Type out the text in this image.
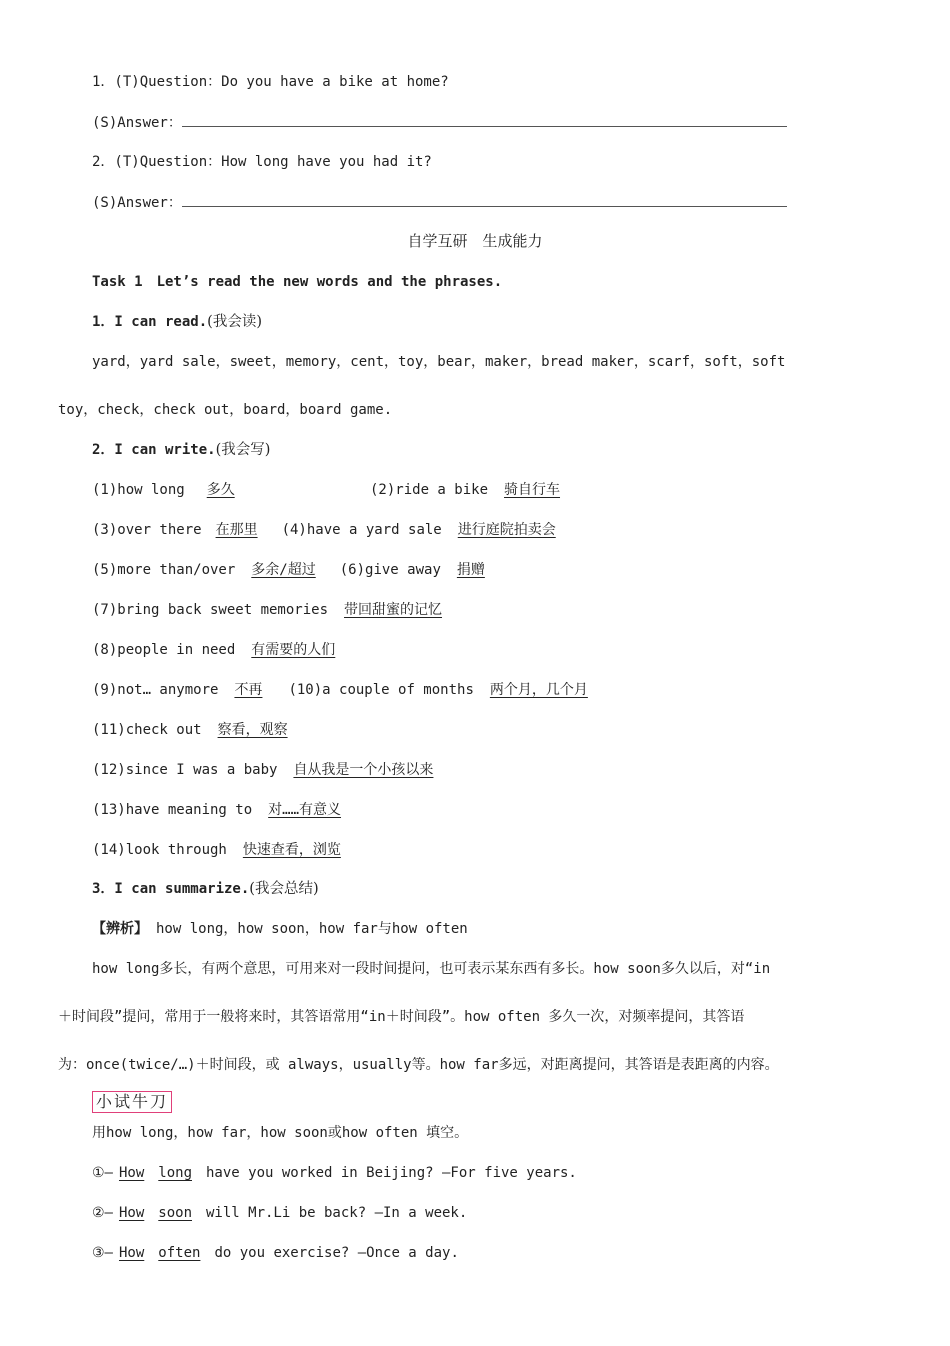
1．(T)Question：Do you have a bike at home?
(S)Answer：
2．(T)Question：How long have you had it?
(S)Answer：
自学互研　生成能力
Task 1　Let’s read the new words and the phrases.
1．I can read.(我会读)
yard，yard sale，sweet，memory，cent，toy，bear，maker，bread maker，scarf，soft，soft
toy，check，check out，board，board game.
2．I can write.(我会写)
(1)how long 多久	(2)ride a bike 骑自行车
(3)over there 在那里 (4)have a yard sale 进行庭院拍卖会
(5)more than/over 多余/超过 (6)give away 捐赠
(7)bring back sweet memories 带回甜蜜的记忆
(8)people in need 有需要的人们
(9)not… anymore 不再 (10)a couple of months 两个月，几个月
(11)check out 察看，观察
(12)since I was a baby 自从我是一个小孩以来
(13)have meaning to 对……有意义
(14)look through 快速查看，浏览
3．I can summarize.(我会总结)
【辨析】 how long，how soon，how far与how often
how long多长，有两个意思，可用来对一段时间提问，也可表示某东西有多长。how soon多久以后，对“in
＋时间段”提问，常用于一般将来时，其答语常用“in＋时间段”。how often 多久一次，对频率提问，其答语
为：once(twice/…)＋时间段，或 always，usually等。how far多远，对距离提问，其答语是表距离的内容。
小试牛刀
用how long，how far，how soon或how often 填空。
①— How long have you worked in Beijing? —For five years.
②— How soon will Mr.Li be back? —In a week.
③— How often do you exercise? —Once a day.
